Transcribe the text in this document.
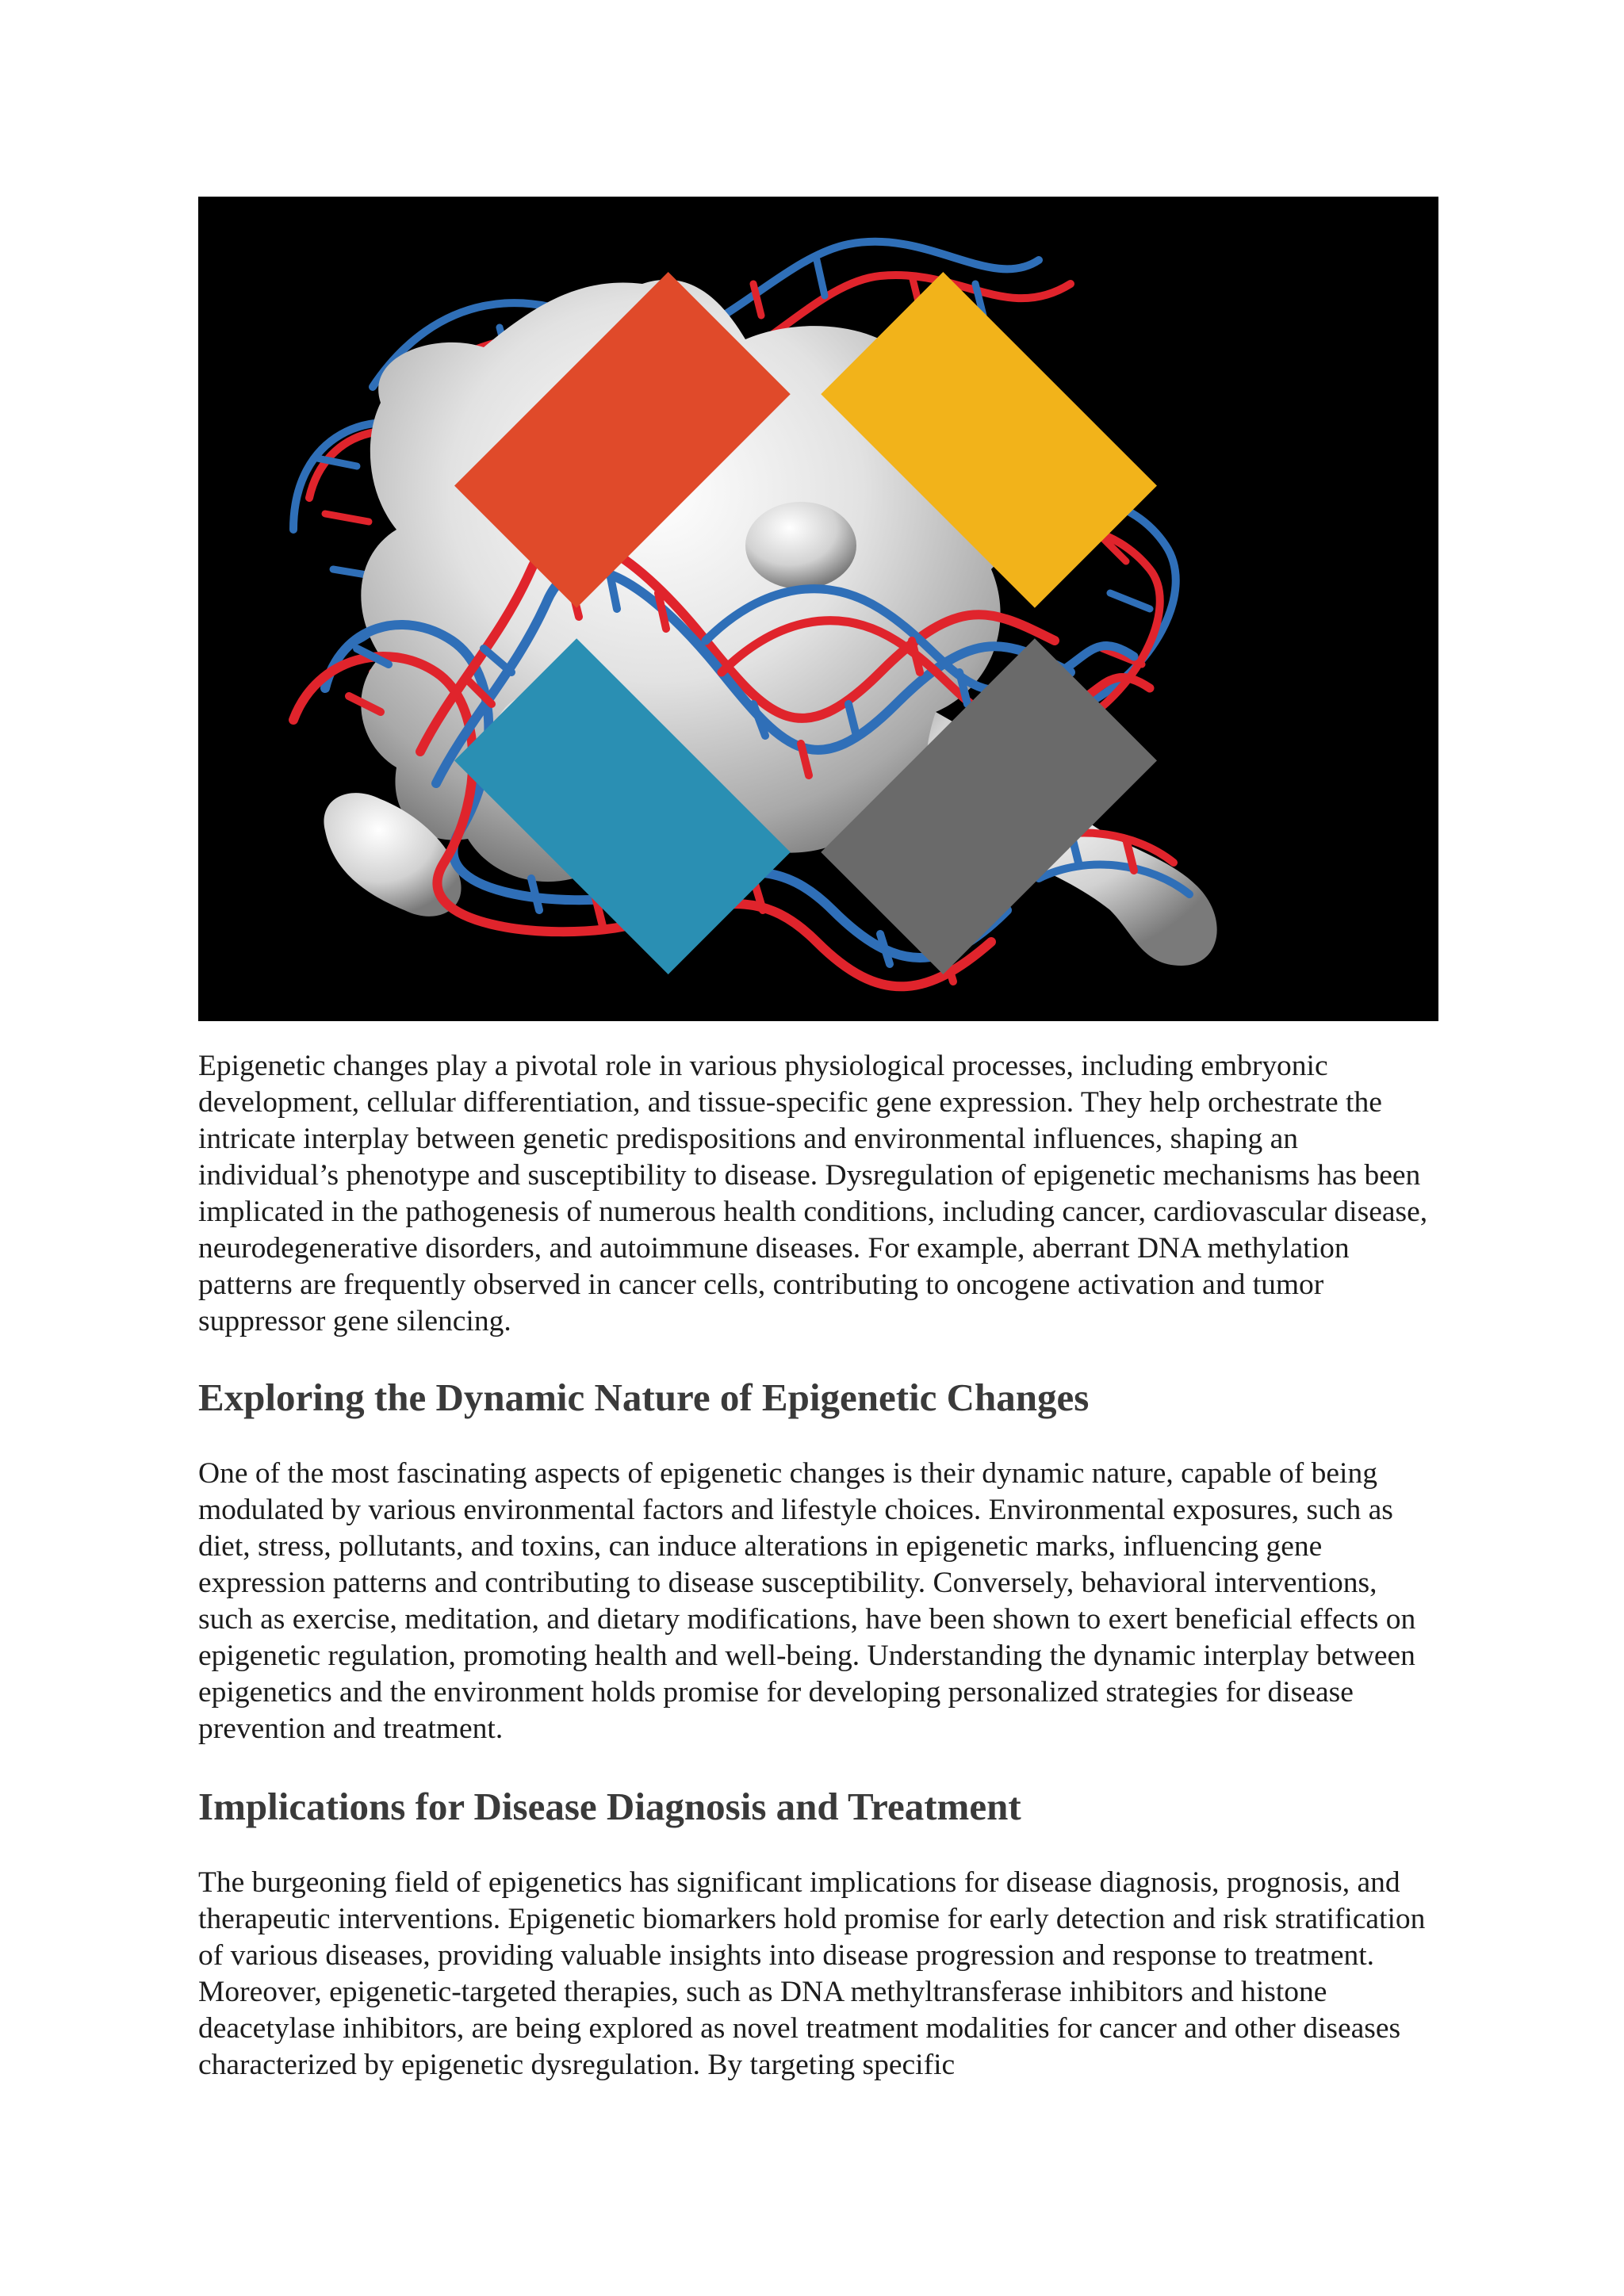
Epigenetic changes play a pivotal role in various physiological processes, including embryonic development, cellular differentiation, and tissue-specific gene expression. They help orchestrate the intricate interplay between genetic predispositions and environmental influences, shaping an individual’s phenotype and susceptibility to disease. Dysregulation of epigenetic mechanisms has been implicated in the pathogenesis of numerous health conditions, including cancer, cardiovascular disease, neurodegenerative disorders, and autoimmune diseases. For example, aberrant DNA methylation patterns are frequently observed in cancer cells, contributing to oncogene activation and tumor suppressor gene silencing.

Exploring the Dynamic Nature of Epigenetic Changes

One of the most fascinating aspects of epigenetic changes is their dynamic nature, capable of being modulated by various environmental factors and lifestyle choices. Environmental exposures, such as diet, stress, pollutants, and toxins, can induce alterations in epigenetic marks, influencing gene expression patterns and contributing to disease susceptibility. Conversely, behavioral interventions, such as exercise, meditation, and dietary modifications, have been shown to exert beneficial effects on epigenetic regulation, promoting health and well-being. Understanding the dynamic interplay between epigenetics and the environment holds promise for developing personalized strategies for disease prevention and treatment.

Implications for Disease Diagnosis and Treatment

The burgeoning field of epigenetics has significant implications for disease diagnosis, prognosis, and therapeutic interventions. Epigenetic biomarkers hold promise for early detection and risk stratification of various diseases, providing valuable insights into disease progression and response to treatment. Moreover, epigenetic-targeted therapies, such as DNA methyltransferase inhibitors and histone deacetylase inhibitors, are being explored as novel treatment modalities for cancer and other diseases characterized by epigenetic dysregulation. By targeting specific
